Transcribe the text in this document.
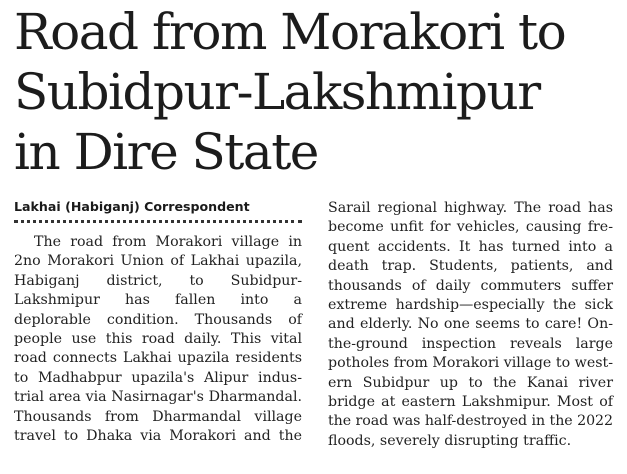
Road from Morakori to
Subidpur-Lakshmipur
in Dire State
Lakhai (Habiganj) Correspondent
The road from Morakori village in
2no Morakori Union of Lakhai upazila,
Habiganj district, to Subidpur-
Lakshmipur has fallen into a
deplorable condition. Thousands of
people use this road daily. This vital
road connects Lakhai upazila residents
to Madhabpur upazila's Alipur indus-
trial area via Nasirnagar's Dharmandal.
Thousands from Dharmandal village
travel to Dhaka via Morakori and the
Sarail regional highway. The road has
become unfit for vehicles, causing fre-
quent accidents. It has turned into a
death trap. Students, patients, and
thousands of daily commuters suffer
extreme hardship—especially the sick
and elderly. No one seems to care! On-
the-ground inspection reveals large
potholes from Morakori village to west-
ern Subidpur up to the Kanai river
bridge at eastern Lakshmipur. Most of
the road was half-destroyed in the 2022
floods, severely disrupting traffic.
